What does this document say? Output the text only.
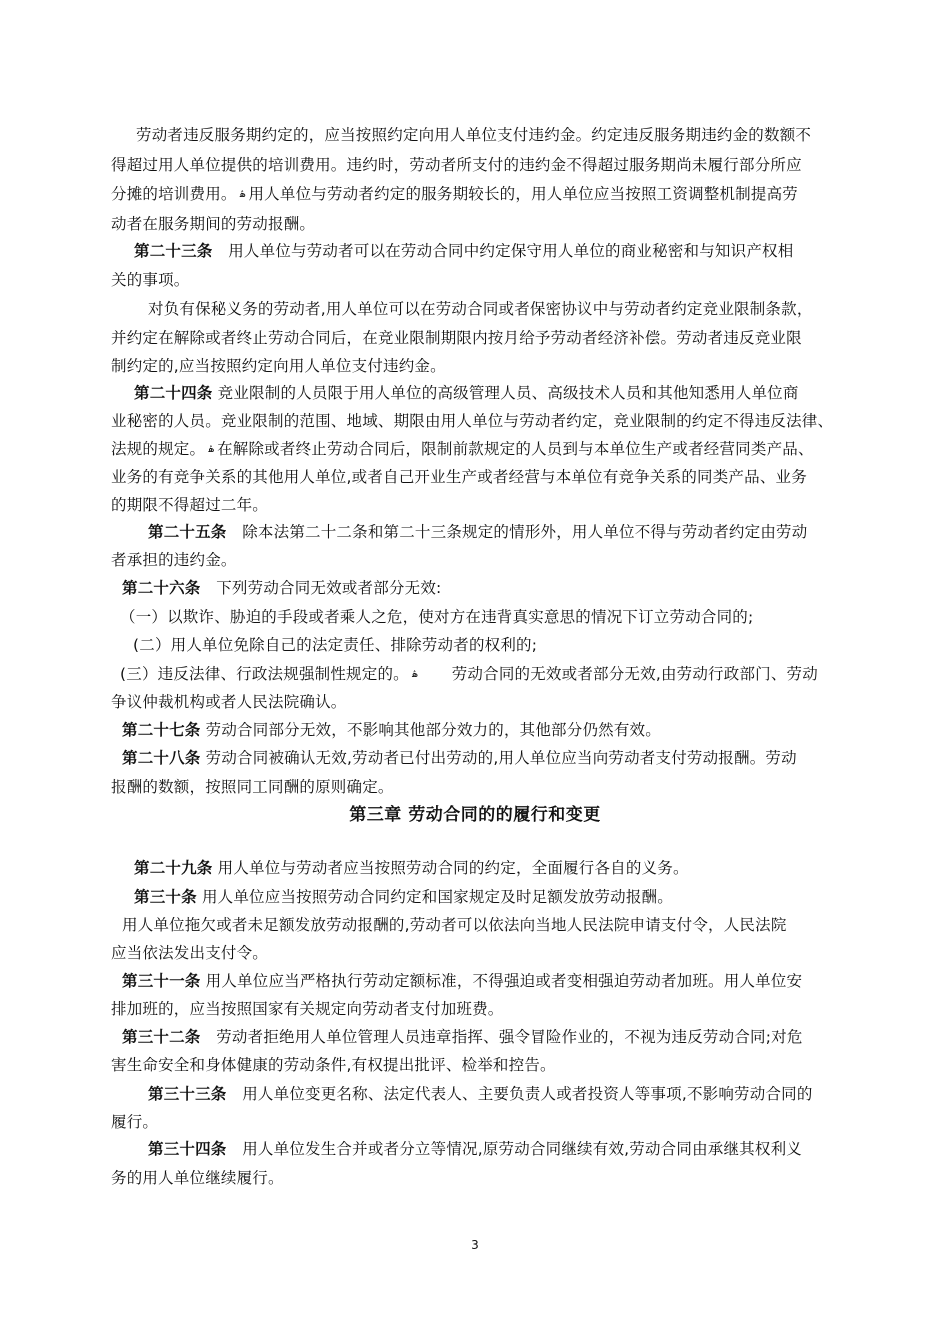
劳动者违反服务期约定的，应当按照约定向用人单位支付违约金。约定违反服务期违约金的数额不
得超过用人单位提供的培训费用。违约时，劳动者所支付的违约金不得超过服务期尚未履行部分所应
分摊的培训费用。 ۿ 用人单位与劳动者约定的服务期较长的，用人单位应当按照工资调整机制提高劳
动者在服务期间的劳动报酬。
第二十三条　用人单位与劳动者可以在劳动合同中约定保守用人单位的商业秘密和与知识产权相
关的事项。
对负有保秘义务的劳动者,用人单位可以在劳动合同或者保密协议中与劳动者约定竞业限制条款，
并约定在解除或者终止劳动合同后，在竞业限制期限内按月给予劳动者经济补偿。劳动者违反竞业限
制约定的,应当按照约定向用人单位支付违约金。
第二十四条 竞业限制的人员限于用人单位的高级管理人员、高级技术人员和其他知悉用人单位商
业秘密的人员。竞业限制的范围、地域、期限由用人单位与劳动者约定，竞业限制的约定不得违反法律、
法规的规定。 ۿ 在解除或者终止劳动合同后，限制前款规定的人员到与本单位生产或者经营同类产品、
业务的有竞争关系的其他用人单位,或者自己开业生产或者经营与本单位有竞争关系的同类产品、业务
的期限不得超过二年。
第二十五条　除本法第二十二条和第二十三条规定的情形外，用人单位不得与劳动者约定由劳动
者承担的违约金。
第二十六条　下列劳动合同无效或者部分无效:
（一）以欺诈、胁迫的手段或者乘人之危，使对方在违背真实意思的情况下订立劳动合同的;
(二）用人单位免除自己的法定责任、排除劳动者的权利的;
(三）违反法律、行政法规强制性规定的。 ۿ　　劳动合同的无效或者部分无效,由劳动行政部门、劳动
争议仲裁机构或者人民法院确认。
第二十七条 劳动合同部分无效，不影响其他部分效力的，其他部分仍然有效。
第二十八条 劳动合同被确认无效,劳动者已付出劳动的,用人单位应当向劳动者支付劳动报酬。劳动
报酬的数额，按照同工同酬的原则确定。
第三章 劳动合同的的履行和变更
第二十九条 用人单位与劳动者应当按照劳动合同的约定，全面履行各自的义务。
第三十条 用人单位应当按照劳动合同约定和国家规定及时足额发放劳动报酬。
用人单位拖欠或者未足额发放劳动报酬的,劳动者可以依法向当地人民法院申请支付令，人民法院
应当依法发出支付令。
第三十一条 用人单位应当严格执行劳动定额标准，不得强迫或者变相强迫劳动者加班。用人单位安
排加班的，应当按照国家有关规定向劳动者支付加班费。
第三十二条　劳动者拒绝用人单位管理人员违章指挥、强令冒险作业的，不视为违反劳动合同;对危
害生命安全和身体健康的劳动条件,有权提出批评、检举和控告。
第三十三条　用人单位变更名称、法定代表人、主要负责人或者投资人等事项,不影响劳动合同的
履行。
第三十四条　用人单位发生合并或者分立等情况,原劳动合同继续有效,劳动合同由承继其权利义
务的用人单位继续履行。
3
